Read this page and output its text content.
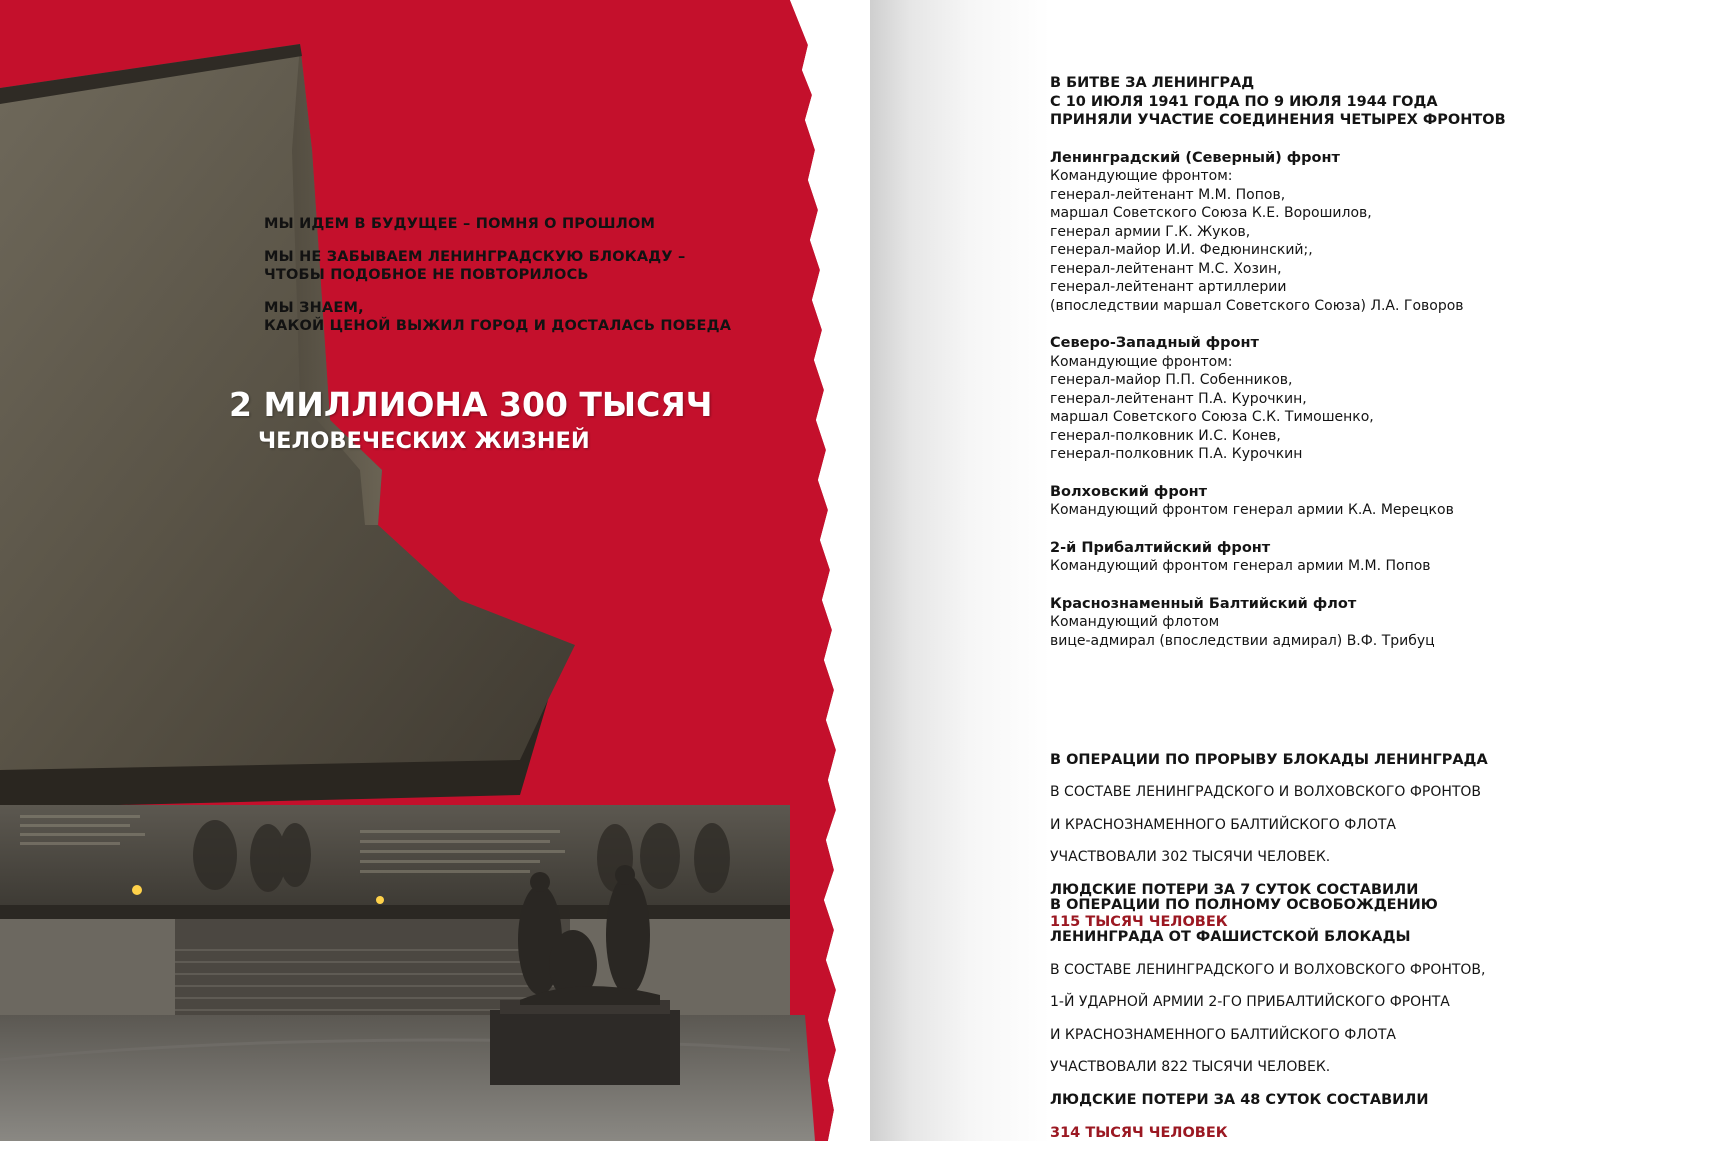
МЫ ИДЕМ В БУДУЩЕЕ – ПОМНЯ О ПРОШЛОМ

МЫ НЕ ЗАБЫВАЕМ ЛЕНИНГРАДСКУЮ БЛОКАДУ –
ЧТОБЫ ПОДОБНОЕ НЕ ПОВТОРИЛОСЬ

МЫ ЗНАЕМ,
КАКОЙ ЦЕНОЙ ВЫЖИЛ ГОРОД И ДОСТАЛАСЬ ПОБЕДА

2 МИЛЛИОНА 300 ТЫСЯЧ
ЧЕЛОВЕЧЕСКИХ ЖИЗНЕЙ

В БИТВЕ ЗА ЛЕНИНГРАД

С 10 ИЮЛЯ 1941 ГОДА ПО 9 ИЮЛЯ 1944 ГОДА

ПРИНЯЛИ УЧАСТИЕ СОЕДИНЕНИЯ ЧЕТЫРЕХ ФРОНТОВ

Ленинградский (Северный) фронт

Командующие фронтом:

генерал-лейтенант М.М. Попов,

маршал Советского Союза К.Е. Ворошилов,

генерал армии Г.К. Жуков,

генерал-майор И.И. Федюнинский;,

генерал-лейтенант М.С. Хозин,

генерал-лейтенант артиллерии

(впоследствии маршал Советского Союза) Л.А. Говоров

Северо-Западный фронт

Командующие фронтом:

генерал-майор П.П. Собенников,

генерал-лейтенант П.А. Курочкин,

маршал Советского Союза С.К. Тимошенко,

генерал-полковник И.С. Конев,

генерал-полковник П.А. Курочкин

Волховский фронт

Командующий фронтом генерал армии К.А. Мерецков

2-й Прибалтийский фронт

Командующий фронтом генерал армии М.М. Попов

Краснознаменный Балтийский флот

Командующий флотом

вице-адмирал (впоследствии адмирал) В.Ф. Трибуц

В ОПЕРАЦИИ ПО ПРОРЫВУ БЛОКАДЫ ЛЕНИНГРАДА

В СОСТАВЕ ЛЕНИНГРАДСКОГО И ВОЛХОВСКОГО ФРОНТОВ

И КРАСНОЗНАМЕННОГО БАЛТИЙСКОГО ФЛОТА

УЧАСТВОВАЛИ 302 ТЫСЯЧИ ЧЕЛОВЕК.

ЛЮДСКИЕ ПОТЕРИ ЗА 7 СУТОК СОСТАВИЛИ

115 ТЫСЯЧ ЧЕЛОВЕК

В ОПЕРАЦИИ ПО ПОЛНОМУ ОСВОБОЖДЕНИЮ

ЛЕНИНГРАДА ОТ ФАШИСТСКОЙ БЛОКАДЫ

В СОСТАВЕ ЛЕНИНГРАДСКОГО И ВОЛХОВСКОГО ФРОНТОВ,

1-Й УДАРНОЙ АРМИИ 2-ГО ПРИБАЛТИЙСКОГО ФРОНТА

И КРАСНОЗНАМЕННОГО БАЛТИЙСКОГО ФЛОТА

УЧАСТВОВАЛИ 822 ТЫСЯЧИ ЧЕЛОВЕК.

ЛЮДСКИЕ ПОТЕРИ ЗА 48 СУТОК СОСТАВИЛИ

314 ТЫСЯЧ ЧЕЛОВЕК
